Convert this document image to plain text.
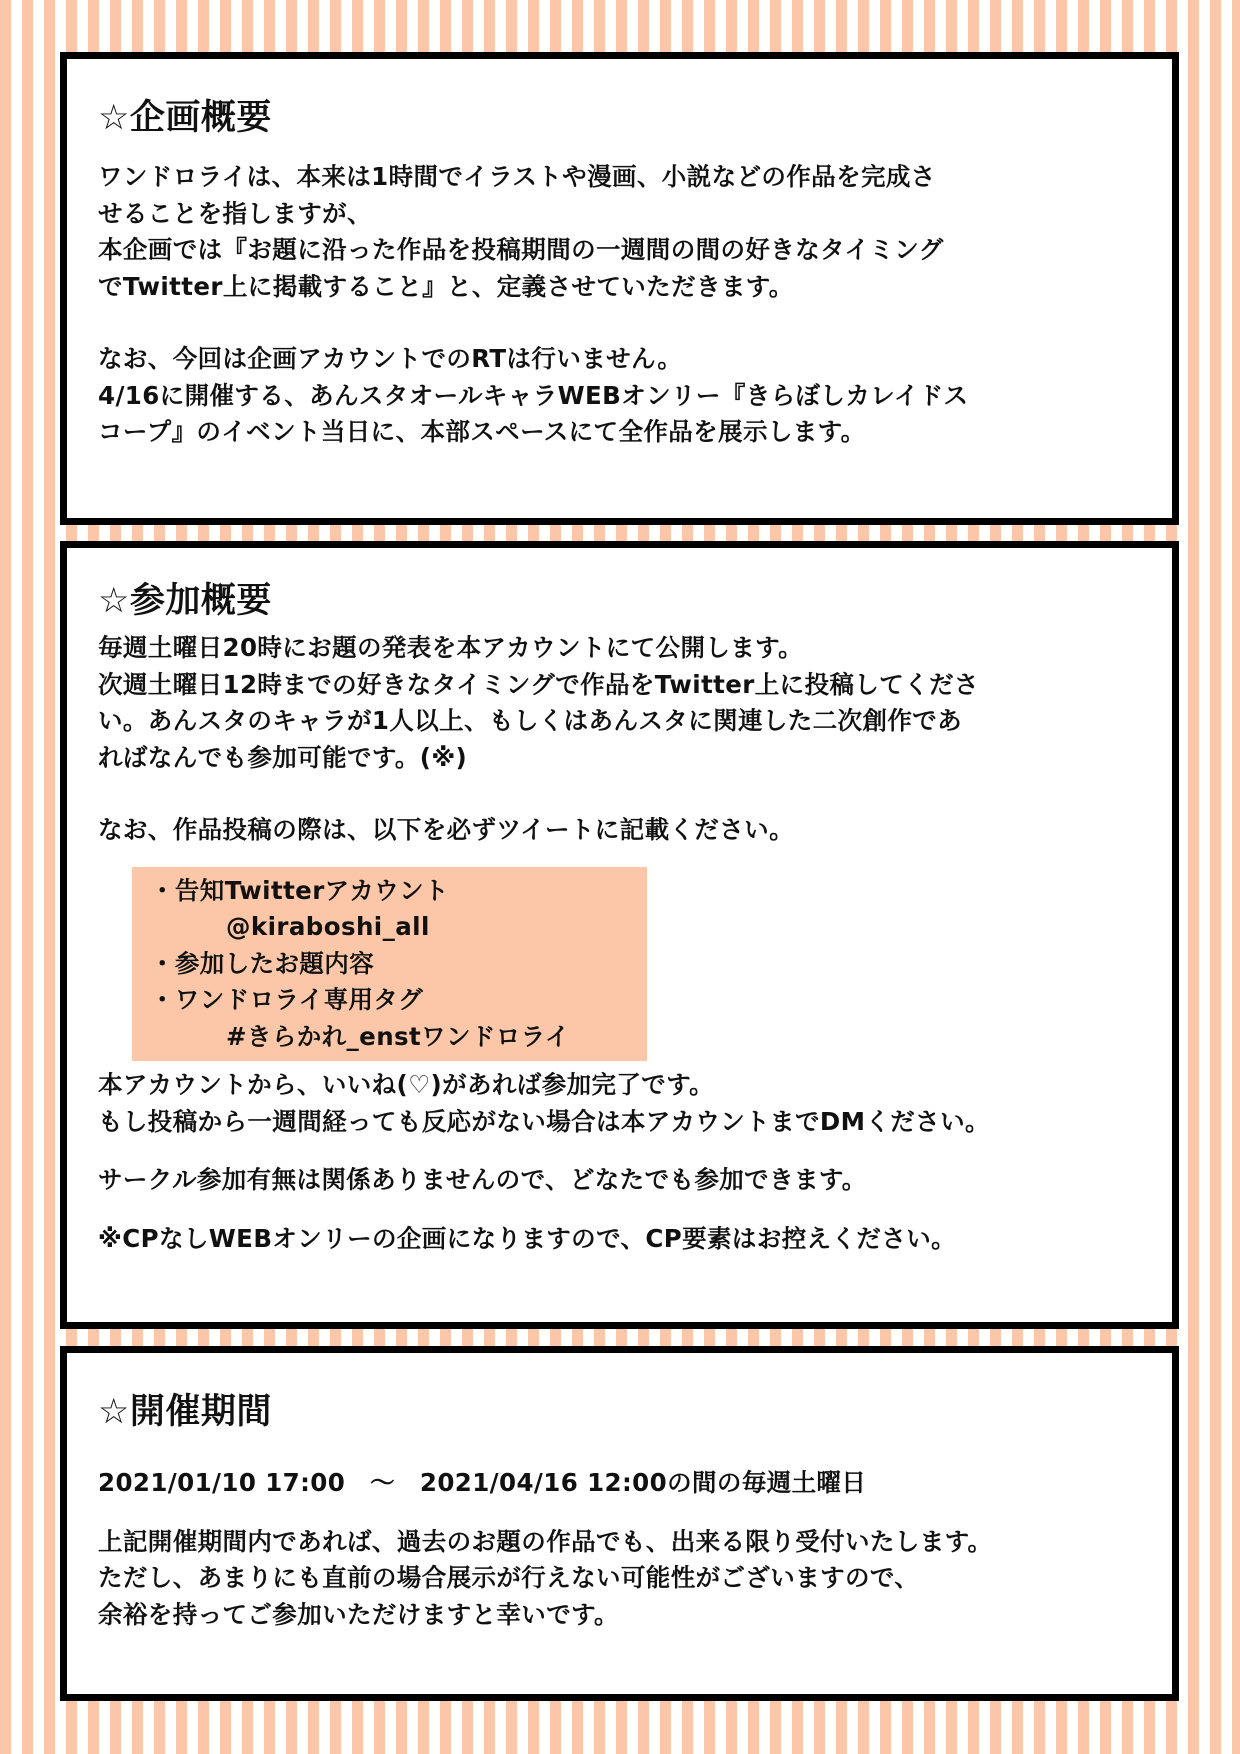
☆企画概要

ワンドロライは、本来は1時間でイラストや漫画、小説などの作品を完成さ

せることを指しますが、

本企画では『お題に沿った作品を投稿期間の一週間の間の好きなタイミング

でTwitter上に掲載すること』と、定義させていただきます。

なお、今回は企画アカウントでのRTは行いません。

4/16に開催する、あんスタオールキャラWEBオンリー『きらぼしカレイドス

コープ』のイベント当日に、本部スペースにて全作品を展示します。

☆参加概要

毎週土曜日20時にお題の発表を本アカウントにて公開します。

次週土曜日12時までの好きなタイミングで作品をTwitter上に投稿してくださ

い。あんスタのキャラが1人以上、もしくはあんスタに関連した二次創作であ

ればなんでも参加可能です。(※)

なお、作品投稿の際は、以下を必ずツイートに記載ください。

・ 告知Twitterアカウント
@kiraboshi_all
・ 参加したお題内容
・ ワンドロライ専用タグ
#きらかれ_enstワンドロライ

本アカウントから、いいね(♡)があれば参加完了です。

もし投稿から一週間経っても反応がない場合は本アカウントまでDMください。

サークル参加有無は関係ありませんので、どなたでも参加できます。

※CPなしWEBオンリーの企画になりますので、CP要素はお控えください。

☆開催期間

2021/01/10 17:00　～　2021/04/16 12:00の間の毎週土曜日

上記開催期間内であれば、過去のお題の作品でも、出来る限り受付いたします。

ただし、あまりにも直前の場合展示が行えない可能性がございますので、

余裕を持ってご参加いただけますと幸いです。
